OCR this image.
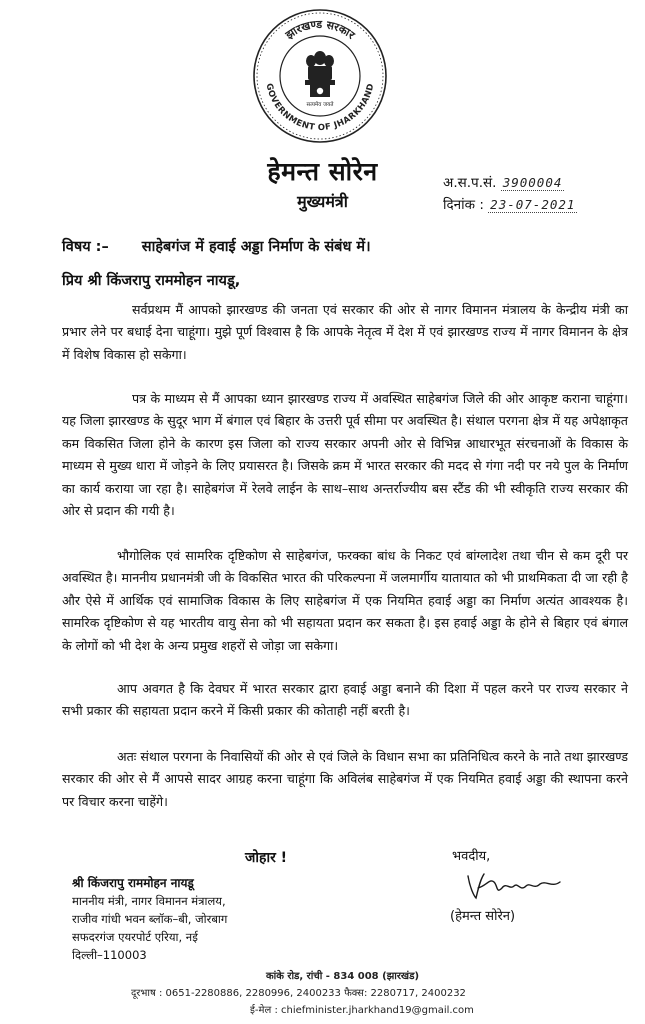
झारखण्ड सरकार
GOVERNMENT OF JHARKHAND
सत्यमेव जयते
हेमन्त सोरेन
मुख्यमंत्री
अ.स.प.सं. 3900004
दिनांक : 23-07-2021
विषय :– साहेबगंज में हवाई अड्डा निर्माण के संबंध में।
प्रिय श्री किंजरापु राममोहन नायडू,

सर्वप्रथम मैं आपको झारखण्ड की जनता एवं सरकार की ओर से नागर विमानन मंत्रालय के केन्द्रीय मंत्री का प्रभार लेने पर बधाई देना चाहूंगा। मुझे पूर्ण विश्वास है कि आपके नेतृत्व में देश में एवं झारखण्ड राज्य में नागर विमानन के क्षेत्र में विशेष विकास हो सकेगा।

पत्र के माध्यम से मैं आपका ध्यान झारखण्ड राज्य में अवस्थित साहेबगंज जिले की ओर आकृष्ट कराना चाहूंगा। यह जिला झारखण्ड के सुदूर भाग में बंगाल एवं बिहार के उत्तरी पूर्व सीमा पर अवस्थित है। संथाल परगना क्षेत्र में यह अपेक्षाकृत कम विकसित जिला होने के कारण इस जिला को राज्य सरकार अपनी ओर से विभिन्न आधारभूत संरचनाओं के विकास के माध्यम से मुख्य धारा में जोड़ने के लिए प्रयासरत है। जिसके क्रम में भारत सरकार की मदद से गंगा नदी पर नये पुल के निर्माण का कार्य कराया जा रहा है। साहेबगंज में रेलवे लाईन के साथ–साथ अन्तर्राज्यीय बस स्टैंड की भी स्वीकृति राज्य सरकार की ओर से प्रदान की गयी है।

भौगोलिक एवं सामरिक दृष्टिकोण से साहेबगंज, फरक्का बांध के निकट एवं बांग्लादेश तथा चीन से कम दूरी पर अवस्थित है। माननीय प्रधानमंत्री जी के विकसित भारत की परिकल्पना में जलमार्गीय यातायात को भी प्राथमिकता दी जा रही है और ऐसे में आर्थिक एवं सामाजिक विकास के लिए साहेबगंज में एक नियमित हवाई अड्डा का निर्माण अत्यंत आवश्यक है। सामरिक दृष्टिकोण से यह भारतीय वायु सेना को भी सहायता प्रदान कर सकता है। इस हवाई अड्डा के होने से बिहार एवं बंगाल के लोगों को भी देश के अन्य प्रमुख शहरों से जोड़ा जा सकेगा।

आप अवगत है कि देवघर में भारत सरकार द्वारा हवाई अड्डा बनाने की दिशा में पहल करने पर राज्य सरकार ने सभी प्रकार की सहायता प्रदान करने में किसी प्रकार की कोताही नहीं बरती है।

अतः संथाल परगना के निवासियों की ओर से एवं जिले के विधान सभा का प्रतिनिधित्व करने के नाते तथा झारखण्ड सरकार की ओर से मैं आपसे सादर आग्रह करना चाहूंगा कि अविलंब साहेबगंज में एक नियमित हवाई अड्डा की स्थापना करने पर विचार करना चाहेंगे।

जोहार !
श्री किंजरापु राममोहन नायडू
माननीय मंत्री, नागर विमानन मंत्रालय,
राजीव गांधी भवन ब्लॉक–बी, जोरबाग
सफदरगंज एयरपोर्ट एरिया, नई
दिल्ली–110003
भवदीय,
(हेमन्त सोरेन)
कांके रोड, रांची - 834 008 (झारखंड)
दूरभाष : 0651-2280886, 2280996, 2400233 फैक्स: 2280717, 2400232
ई-मेल : chiefminister.jharkhand19@gmail.com
